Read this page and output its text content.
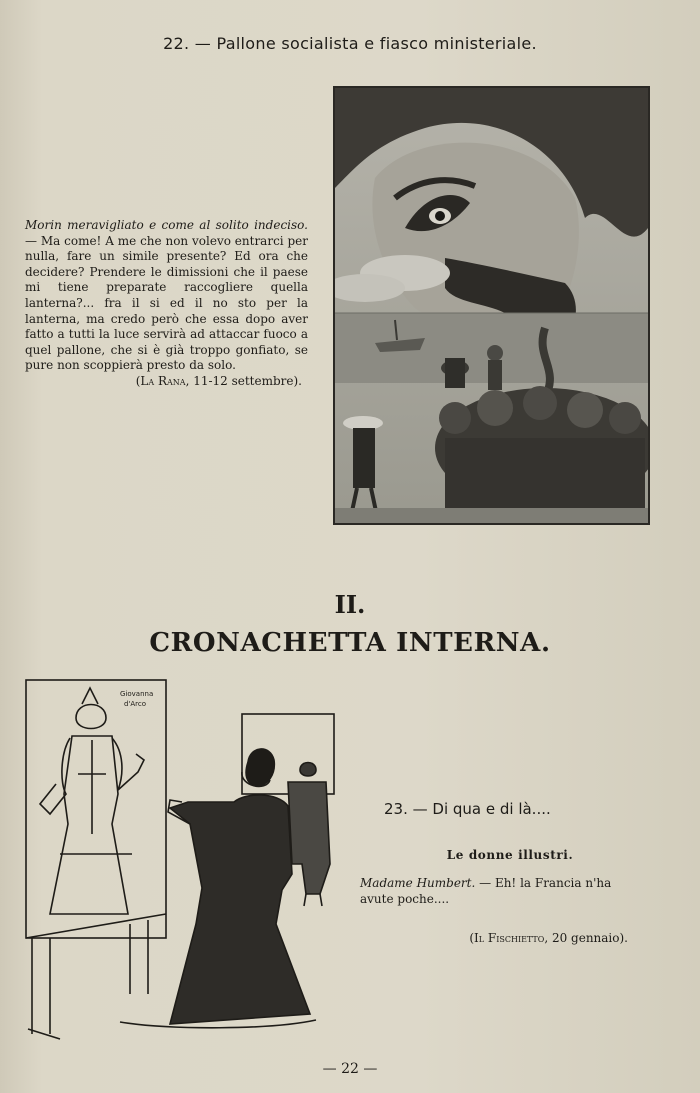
22. — Pallone socialista e fiasco ministeriale.
Morin meravigliato e come al solito indeciso. — Ma come! A me che non volevo entrarci per nulla, fare un simile presente? Ed ora che decidere? Prendere le dimissioni che il paese mi tiene preparate raccogliere quella lanterna?... fra il si ed il no sto per la lanterna, ma credo però che essa dopo aver fatto a tutti la luce servirà ad attaccar fuoco a quel pallone, che si è già troppo gonfiato, se pure non scoppierà presto da solo.
(La Rana, 11-12 settembre).
II.
CRONACHETTA INTERNA.
Giovanna
d'Arco
23. — Di qua e di là....
Le donne illustri.
Madame Humbert. — Eh! la Francia n'ha avute poche....
(Il Fischietto, 20 gennaio).
— 22 —
